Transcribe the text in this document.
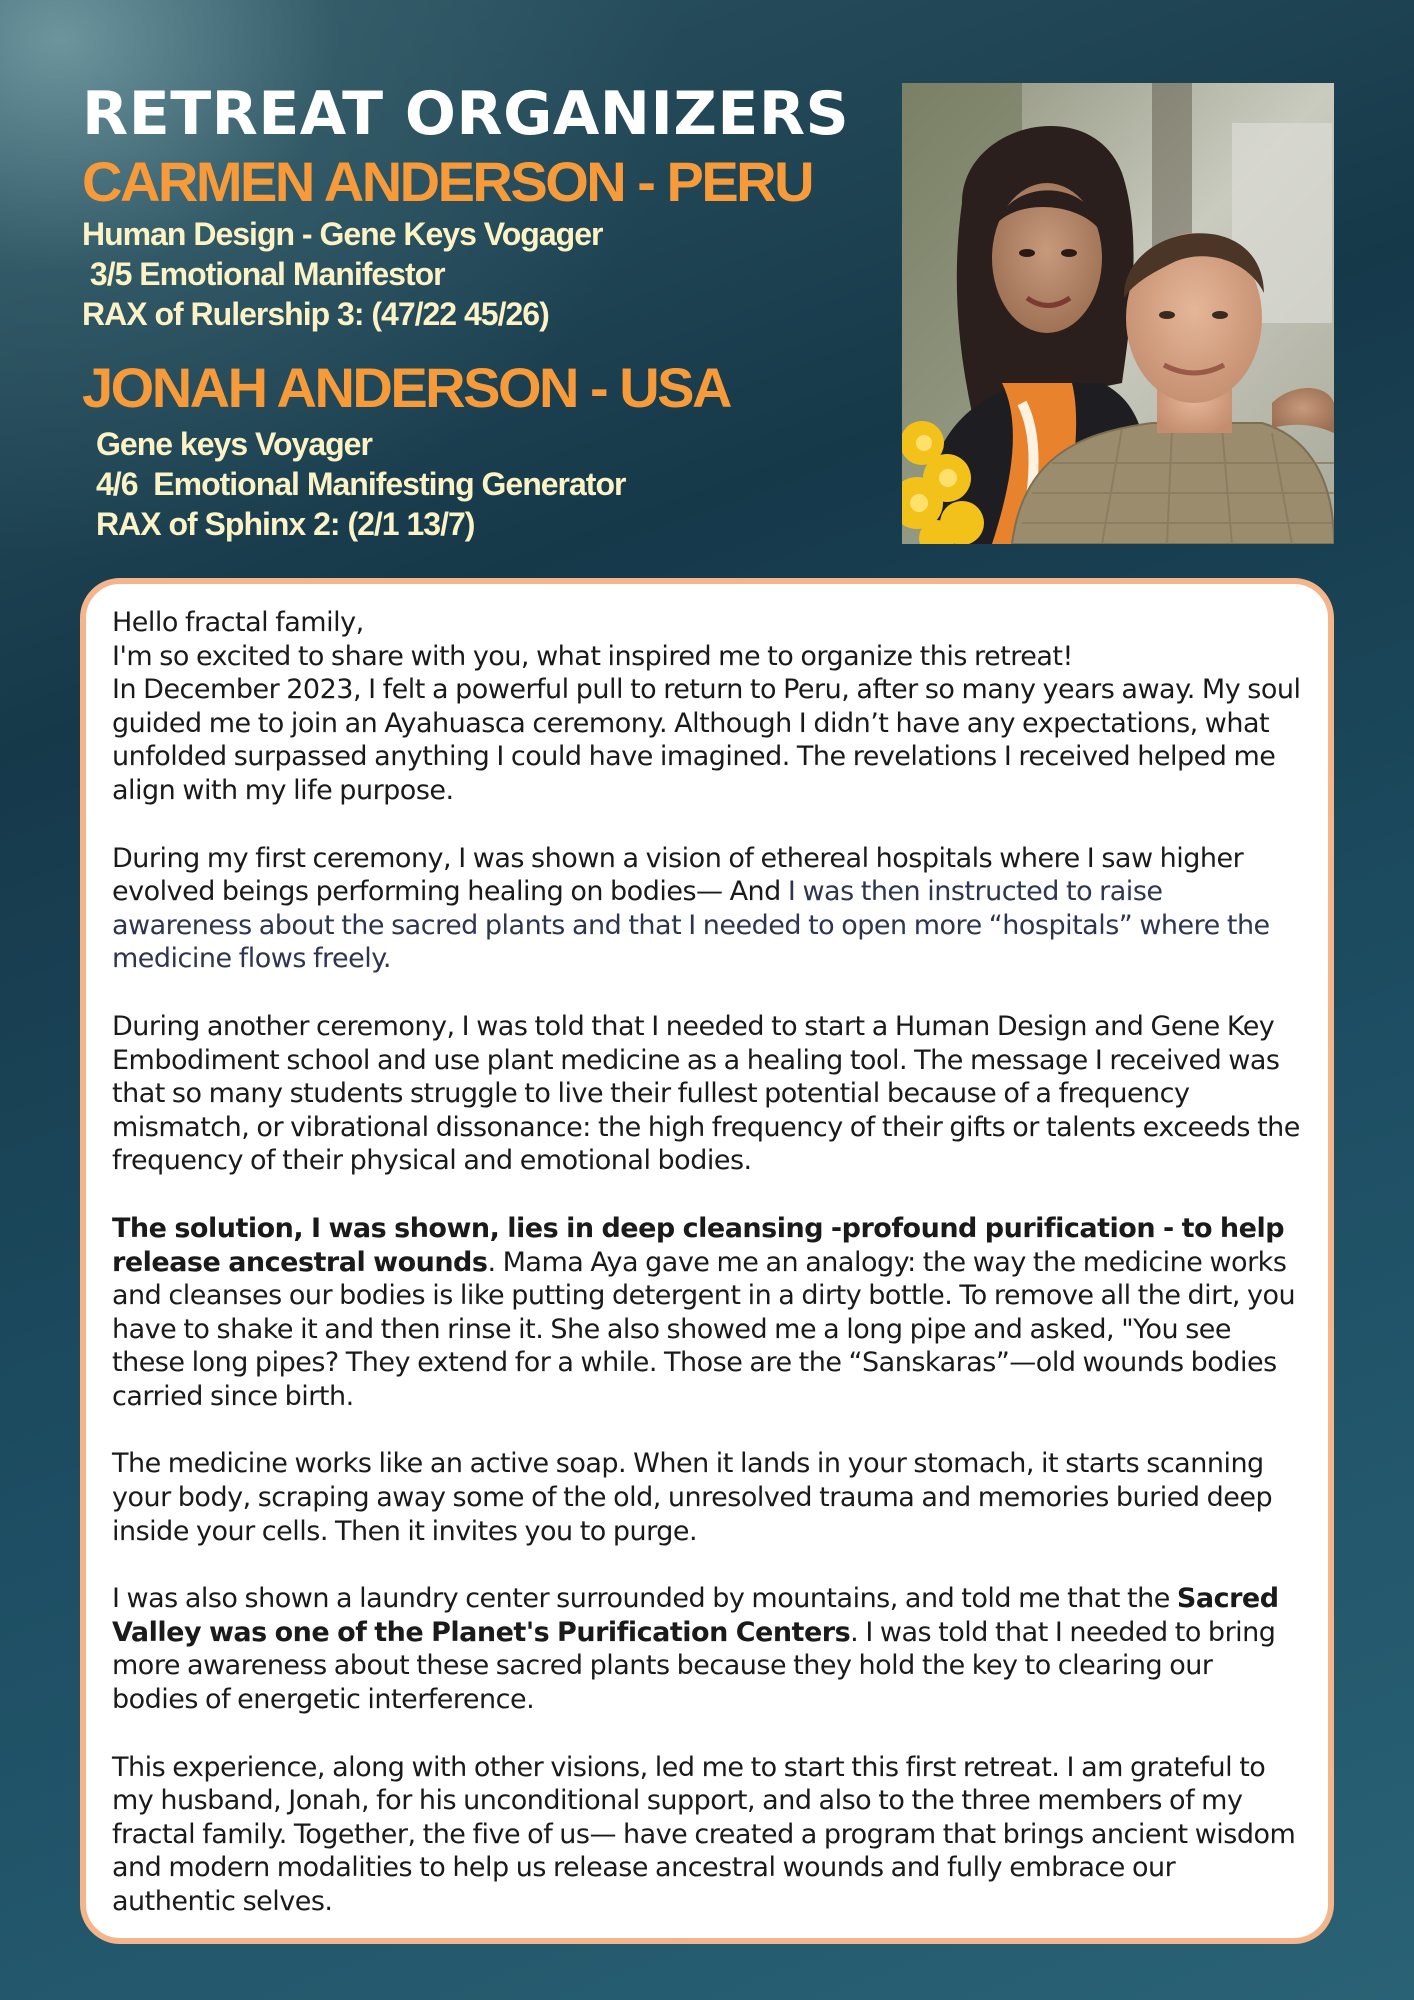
RETREAT ORGANIZERS
CARMEN ANDERSON - PERU
Human Design - Gene Keys Vogager
3/5 Emotional Manifestor
RAX of Rulership 3: (47/22 45/26)
JONAH ANDERSON - USA
Gene keys Voyager
4/6  Emotional Manifesting Generator
RAX of Sphinx 2: (2/1 13/7)

Hello fractal family,

I'm so excited to share with you, what inspired me to organize this retreat!

In December 2023, I felt a powerful pull to return to Peru, after so many years away. My soul guided me to join an Ayahuasca ceremony. Although I didn’t have any expectations, what unfolded surpassed anything I could have imagined. The revelations I received helped me align with my life purpose.

During my first ceremony, I was shown a vision of ethereal hospitals where I saw higher evolved beings performing healing on bodies— And I was then instructed to raise awareness about the sacred plants and that I needed to open more “hospitals” where the medicine flows freely.

During another ceremony, I was told that I needed to start a Human Design and Gene Key Embodiment school and use plant medicine as a healing tool. The message I received was that so many students struggle to live their fullest potential because of a frequency mismatch, or vibrational dissonance: the high frequency of their gifts or talents exceeds the frequency of their physical and emotional bodies.

The solution, I was shown, lies in deep cleansing -profound purification - to help release ancestral wounds. Mama Aya gave me an analogy: the way the medicine works and cleanses our bodies is like putting detergent in a dirty bottle. To remove all the dirt, you have to shake it and then rinse it. She also showed me a long pipe and asked, "You see these long pipes? They extend for a while. Those are the “Sanskaras”—old wounds bodies carried since birth.

The medicine works like an active soap. When it lands in your stomach, it starts scanning your body, scraping away some of the old, unresolved trauma and memories buried deep inside your cells. Then it invites you to purge.

I was also shown a laundry center surrounded by mountains, and told me that the Sacred Valley was one of the Planet's Purification Centers. I was told that I needed to bring more awareness about these sacred plants because they hold the key to clearing our bodies of energetic interference.

This experience, along with other visions, led me to start this first retreat. I am grateful to my husband, Jonah, for his unconditional support, and also to the three members of my fractal family. Together, the five of us— have created a program that brings ancient wisdom and modern modalities to help us release ancestral wounds and fully embrace our authentic selves.
